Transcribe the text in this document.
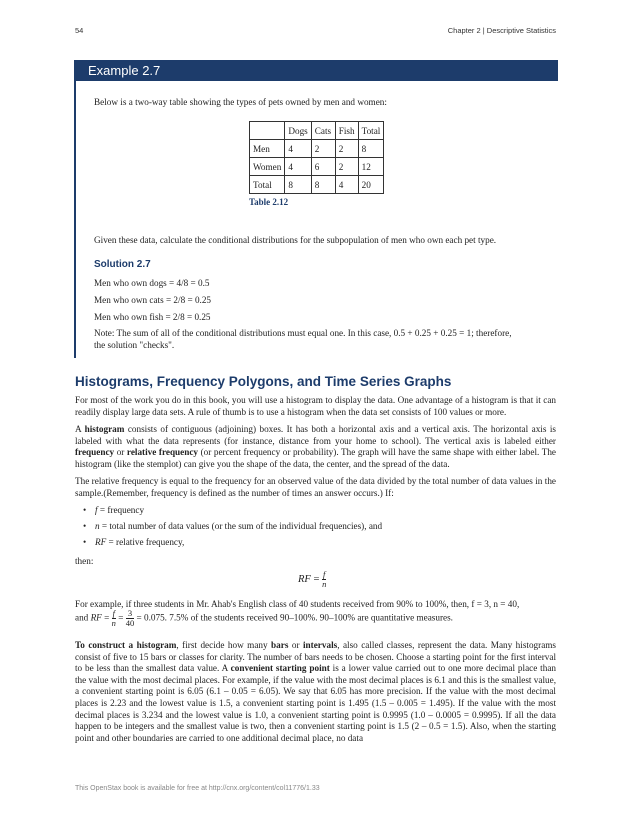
54	Chapter 2 | Descriptive Statistics
Example 2.7
Below is a two-way table showing the types of pets owned by men and women:
	Dogs	Cats	Fish	Total
Men	4	2	2	8
Women	4	6	2	12
Total	8	8	4	20
Table 2.12
Given these data, calculate the conditional distributions for the subpopulation of men who own each pet type.
Solution 2.7
Men who own dogs = 4/8 = 0.5
Men who own cats = 2/8 = 0.25
Men who own fish = 2/8 = 0.25
Note: The sum of all of the conditional distributions must equal one. In this case, 0.5 + 0.25 + 0.25 = 1; therefore,
the solution "checks".
Histograms, Frequency Polygons, and Time Series Graphs
For most of the work you do in this book, you will use a histogram to display the data. One advantage of a histogram is that it can readily display large data sets. A rule of thumb is to use a histogram when the data set consists of 100 values or more.
A histogram consists of contiguous (adjoining) boxes. It has both a horizontal axis and a vertical axis. The horizontal axis is labeled with what the data represents (for instance, distance from your home to school). The vertical axis is labeled either frequency or relative frequency (or percent frequency or probability). The graph will have the same shape with either label. The histogram (like the stemplot) can give you the shape of the data, the center, and the spread of the data.
The relative frequency is equal to the frequency for an observed value of the data divided by the total number of data values in the sample.(Remember, frequency is defined as the number of times an answer occurs.) If:
• f = frequency
• n = total number of data values (or the sum of the individual frequencies), and
• RF = relative frequency,
then:
RF = $\frac{f}{n}$
For example, if three students in Mr. Ahab's English class of 40 students received from 90% to 100%, then, f = 3, n = 40,
and RF = $\frac{f}{n} = \frac{3}{40} = 0.075$. 7.5% of the students received 90–100%. 90–100% are quantitative measures.
To construct a histogram, first decide how many bars or intervals, also called classes, represent the data. Many histograms consist of five to 15 bars or classes for clarity. The number of bars needs to be chosen. Choose a starting point for the first interval to be less than the smallest data value. A convenient starting point is a lower value carried out to one more decimal place than the value with the most decimal places. For example, if the value with the most decimal places is 6.1 and this is the smallest value, a convenient starting point is 6.05 (6.1 – 0.05 = 6.05). We say that 6.05 has more precision. If the value with the most decimal places is 2.23 and the lowest value is 1.5, a convenient starting point is 1.495 (1.5 – 0.005 = 1.495). If the value with the most decimal places is 3.234 and the lowest value is 1.0, a convenient starting point is 0.9995 (1.0 – 0.0005 = 0.9995). If all the data happen to be integers and the smallest value is two, then a convenient starting point is 1.5 (2 – 0.5 = 1.5). Also, when the starting point and other boundaries are carried to one additional decimal place, no data
This OpenStax book is available for free at http://cnx.org/content/col11776/1.33
